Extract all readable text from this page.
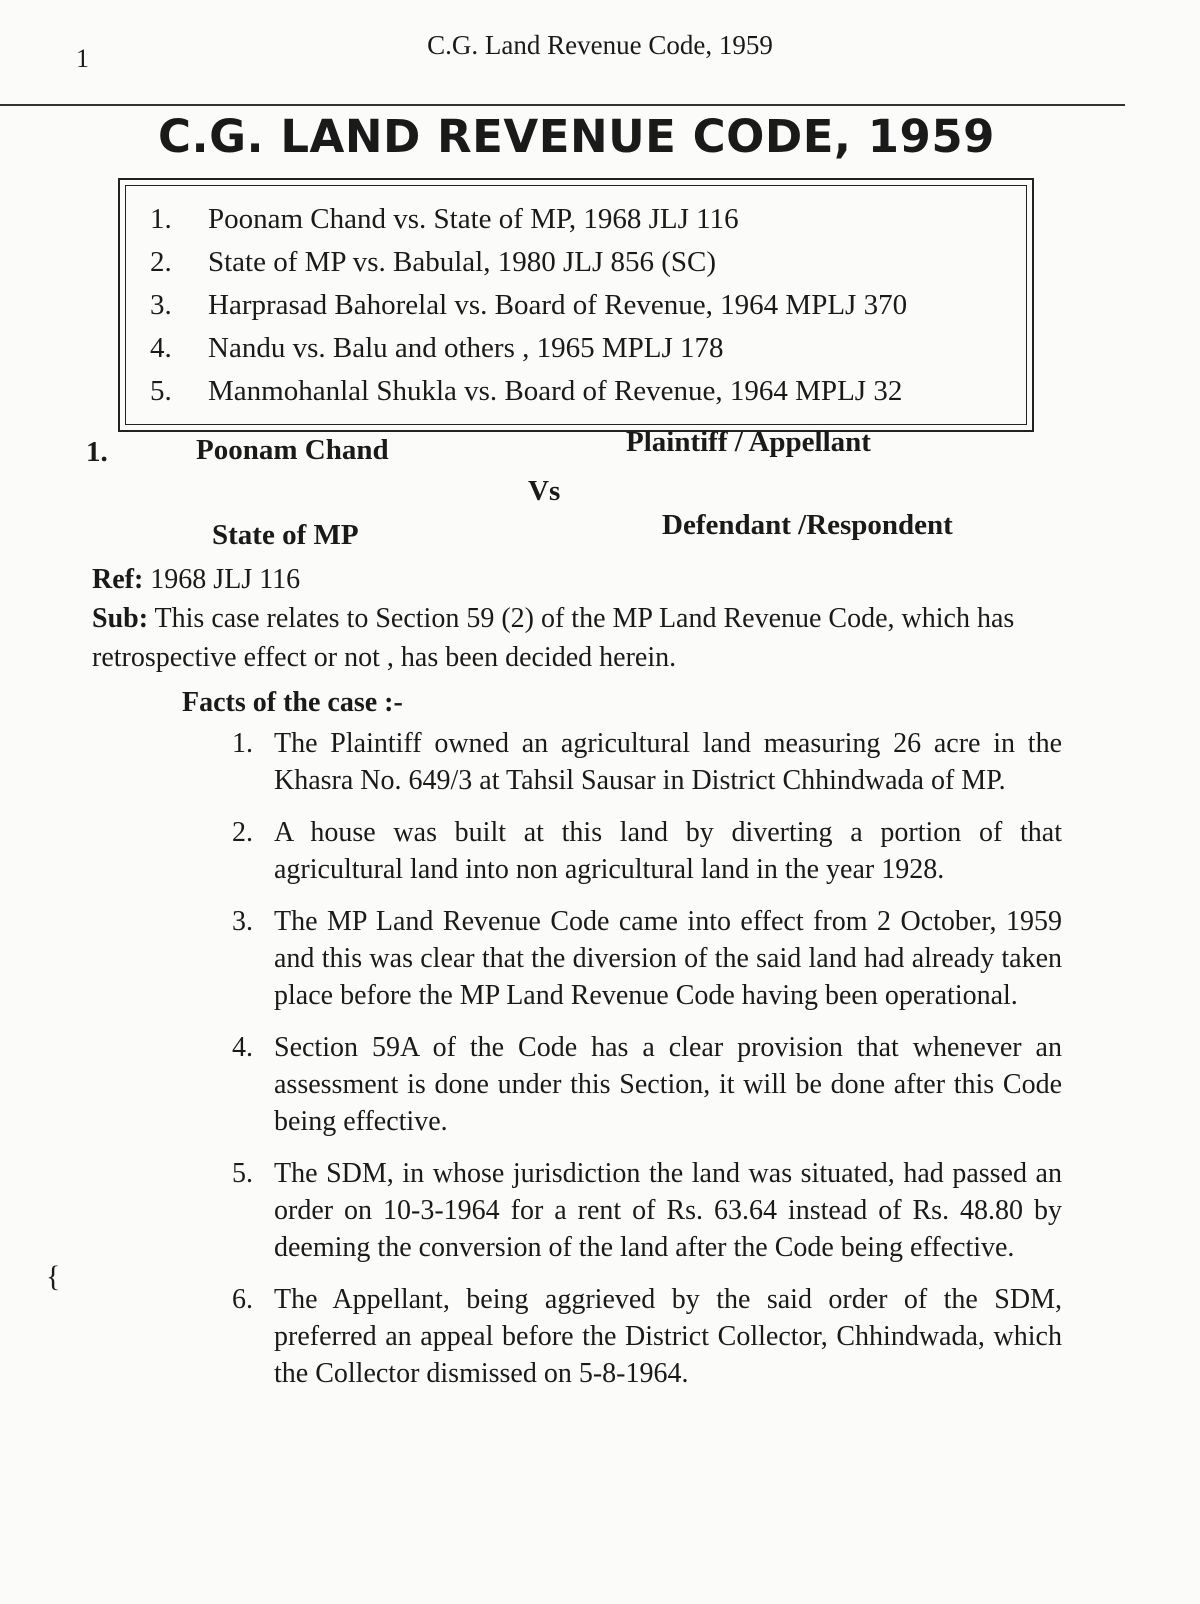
1	C.G. Land Revenue Code, 1959
C.G. LAND REVENUE CODE, 1959
1. Poonam Chand vs. State of MP, 1968 JLJ 116
2. State of MP vs. Babulal, 1980 JLJ 856 (SC)
3. Harprasad Bahorelal vs. Board of Revenue, 1964 MPLJ 370
4. Nandu vs. Balu and others , 1965 MPLJ 178
5. Manmohanlal Shukla vs. Board of Revenue, 1964 MPLJ 32
1.	Poonam Chand	Plaintiff / Appellant
Vs
State of MP	Defendant /Respondent
Ref: 1968 JLJ 116
Sub: This case relates to Section 59 (2) of the MP Land Revenue Code, which has retrospective effect or not , has been decided herein.
Facts of the case :-
1. The Plaintiff owned an agricultural land measuring 26 acre in the Khasra No. 649/3 at Tahsil Sausar in District Chhindwada of MP.
2. A house was built at this land by diverting a portion of that agricultural land into non agricultural land in the year 1928.
3. The MP Land Revenue Code came into effect from 2 October, 1959 and this was clear that the diversion of the said land had already taken place before the MP Land Revenue Code having been operational.
4. Section 59A of the Code has a clear provision that whenever an assessment is done under this Section, it will be done after this Code being effective.
5. The SDM, in whose jurisdiction the land was situated, had passed an order on 10-3-1964 for a rent of Rs. 63.64 instead of Rs. 48.80 by deeming the conversion of the land after the Code being effective.
6. The Appellant, being aggrieved by the said order of the SDM, preferred an appeal before the District Collector, Chhindwada, which the Collector dismissed on 5-8-1964.
{
